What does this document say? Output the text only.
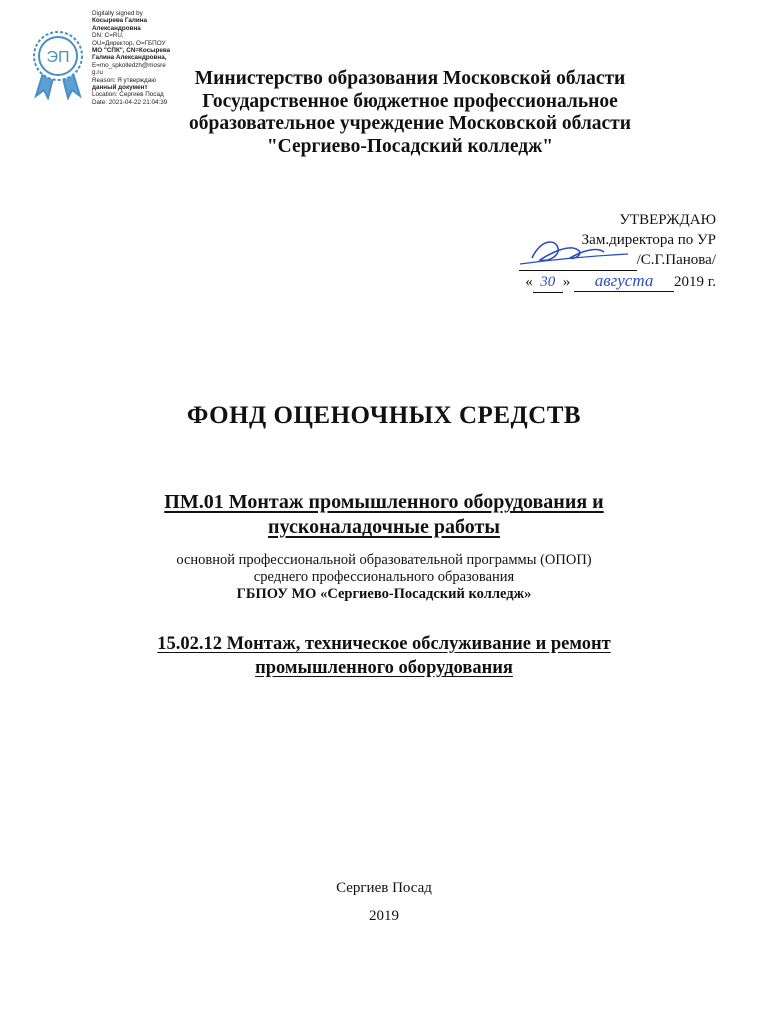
ЭП
Digitally signed by
Косырева Галина
Александровна
DN: C=RU,
OU=Директор, O=ГБПОУ
МО "СПК", CN=Косырева
Галина Александровна,
E=mo_spkolledzh@mosre
g.ru
Reason: Я утверждаю
данный документ
Location: Сергиев Посад
Date: 2021-04-22 21:04:39
Министерство образования Московской области
Государственное бюджетное профессиональное
образовательное учреждение Московской области
"Сергиево-Посадский колледж"
УТВЕРЖДАЮ
Зам.директора по УР
/С.Г.Панова/
« 30 » августа 2019 г.
ФОНД ОЦЕНОЧНЫХ СРЕДСТВ
ПМ.01 Монтаж промышленного оборудования и
пусконаладочные работы
основной профессиональной образовательной программы (ОПОП)
среднего профессионального образования
ГБПОУ МО «Сергиево-Посадский колледж»
15.02.12 Монтаж, техническое обслуживание и ремонт
промышленного оборудования
Сергиев Посад
2019
